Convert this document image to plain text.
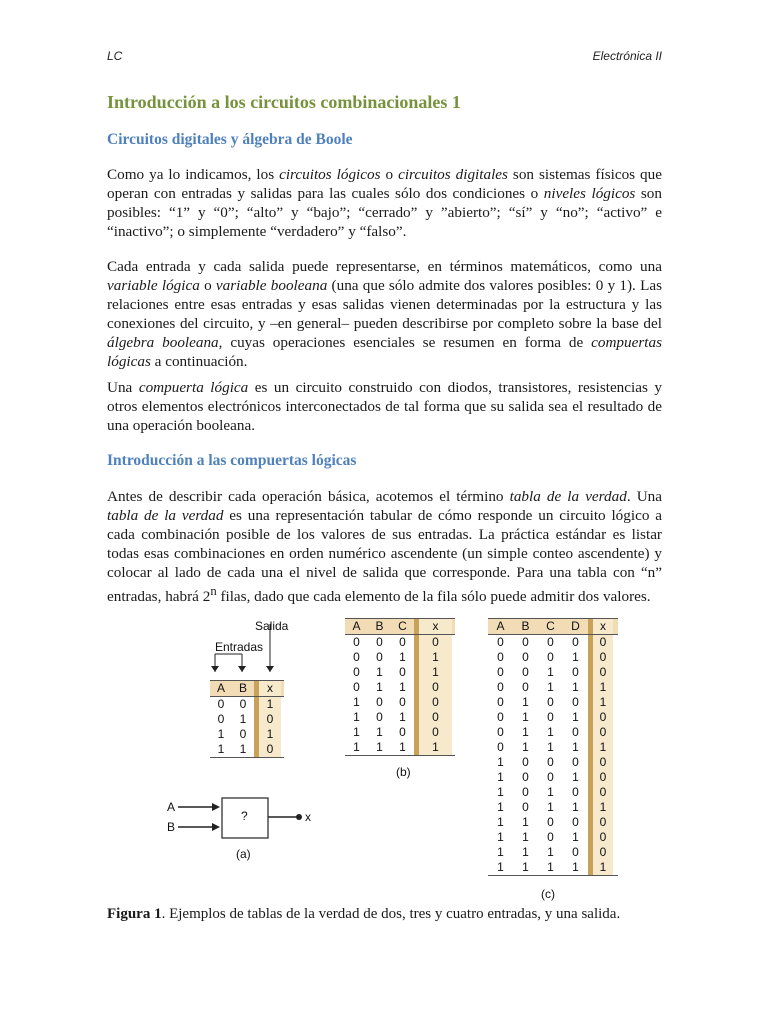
LC	Electrónica II
Introducción a los circuitos combinacionales 1
Circuitos digitales y álgebra de Boole

Como ya lo indicamos, los circuitos lógicos o circuitos digitales son sistemas físicos que operan con entradas y salidas para las cuales sólo dos condiciones o niveles lógicos son posibles: “1” y “0”; “alto” y “bajo”; “cerrado” y ”abierto”; “sí” y “no”; “activo” e “inactivo”; o simplemente “verdadero” y “falso”.

Cada entrada y cada salida puede representarse, en términos matemáticos, como una variable lógica o variable booleana (una que sólo admite dos valores posibles: 0 y 1). Las relaciones entre esas entradas y esas salidas vienen determinadas por la estructura y las conexiones del circuito, y –en general– pueden describirse por completo sobre la base del álgebra booleana, cuyas operaciones esenciales se resumen en forma de compuertas lógicas a continuación.

Una compuerta lógica es un circuito construido con diodos, transistores, resistencias y otros elementos electrónicos interconectados de tal forma que su salida sea el resultado de una operación booleana.

Introducción a las compuertas lógicas

Antes de describir cada operación básica, acotemos el término tabla de la verdad. Una tabla de la verdad es una representación tabular de cómo responde un circuito lógico a cada combinación posible de los valores de sus entradas. La práctica estándar es listar todas esas combinaciones en orden numérico ascendente (un simple conteo ascendente) y colocar al lado de cada una el nivel de salida que corresponde. Para una tabla con “n” entradas, habrá 2$^n$ filas, dado que cada elemento de la fila sólo puede admitir dos valores.

Salida
Entradas
A	B	x
0	0	1
0	1	0
1	0	1
1	1	0
A
B
?	x
(a)
A	B	C	x
0	0	0	0
0	0	1	1
0	1	0	1
0	1	1	0
1	0	0	0
1	0	1	0
1	1	0	0
1	1	1	1
(b)
A	B	C	D	x
0	0	0	0	0
0	0	0	1	0
0	0	1	0	0
0	0	1	1	1
0	1	0	0	1
0	1	0	1	0
0	1	1	0	0
0	1	1	1	1
1	0	0	0	0
1	0	0	1	0
1	0	1	0	0
1	0	1	1	1
1	1	0	0	0
1	1	0	1	0
1	1	1	0	0
1	1	1	1	1
(c)

Figura 1. Ejemplos de tablas de la verdad de dos, tres y cuatro entradas, y una salida.
